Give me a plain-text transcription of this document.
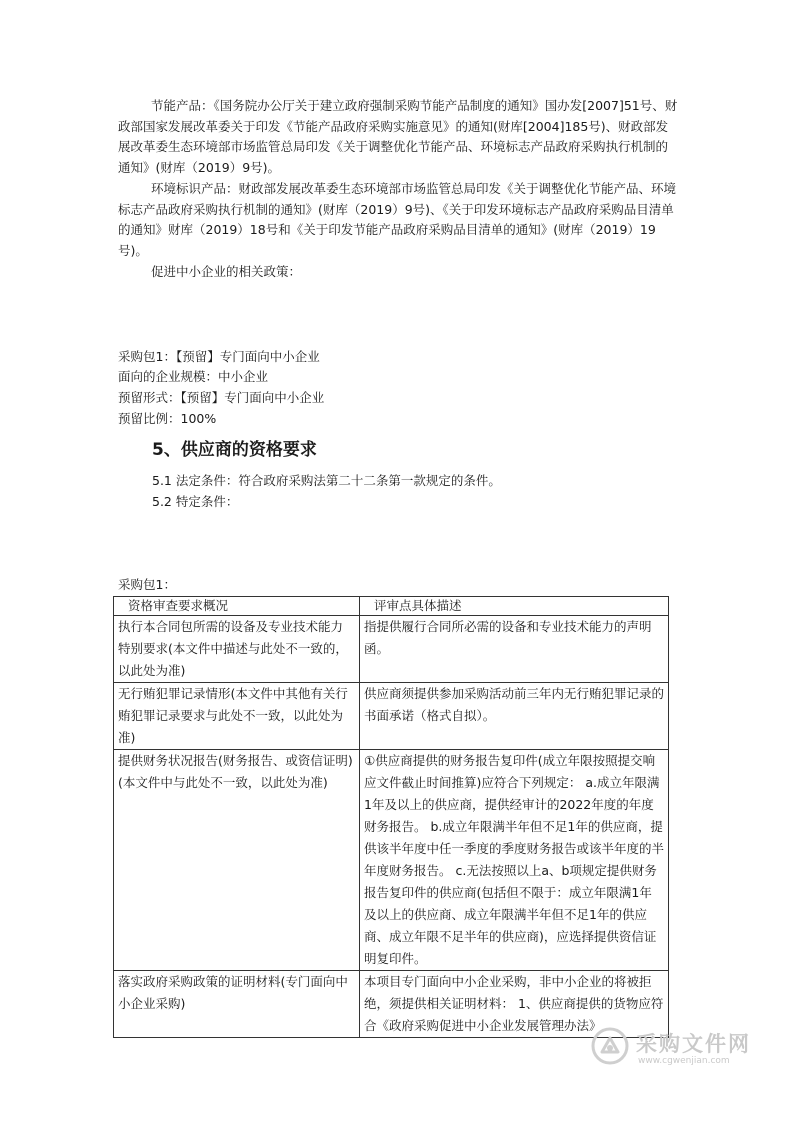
节能产品：《国务院办公厅关于建立政府强制采购节能产品制度的通知》国办发[2007]51号、财政部国家发展改革委关于印发《节能产品政府采购实施意见》的通知(财库[2004]185号)、财政部发展改革委生态环境部市场监管总局印发《关于调整优化节能产品、环境标志产品政府采购执行机制的通知》(财库（2019）9号)。

环境标识产品：财政部发展改革委生态环境部市场监管总局印发《关于调整优化节能产品、环境标志产品政府采购执行机制的通知》(财库（2019）9号)、《关于印发环境标志产品政府采购品目清单的通知》财库（2019）18号和《关于印发节能产品政府采购品目清单的通知》(财库（2019）19号)。

促进中小企业的相关政策：

采购包1：【预留】专门面向中小企业

面向的企业规模：中小企业

预留形式：【预留】专门面向中小企业

预留比例：100%

5、供应商的资格要求

5.1 法定条件：符合政府采购法第二十二条第一款规定的条件。

5.2 特定条件：

采购包1：

资格审查要求概况	评审点具体描述
执行本合同包所需的设备及专业技术能力特别要求(本文件中描述与此处不一致的，以此处为准)	指提供履行合同所必需的设备和专业技术能力的声明函。
无行贿犯罪记录情形(本文件中其他有关行贿犯罪记录要求与此处不一致，以此处为准)	供应商须提供参加采购活动前三年内无行贿犯罪记录的书面承诺（格式自拟）。
提供财务状况报告(财务报告、或资信证明)(本文件中与此处不一致，以此处为准)	①供应商提供的财务报告复印件(成立年限按照提交响应文件截止时间推算)应符合下列规定： a.成立年限满1年及以上的供应商，提供经审计的2022年度的年度财务报告。 b.成立年限满半年但不足1年的供应商，提供该半年度中任一季度的季度财务报告或该半年度的半年度财务报告。 c.无法按照以上a、b项规定提供财务报告复印件的供应商(包括但不限于：成立年限满1年及以上的供应商、成立年限满半年但不足1年的供应商、成立年限不足半年的供应商)，应选择提供资信证明复印件。
落实政府采购政策的证明材料(专门面向中小企业采购)	本项目专门面向中小企业采购，非中小企业的将被拒绝，须提供相关证明材料： 1、供应商提供的货物应符合《政府采购促进中小企业发展管理办法》
采购文件网
www.cgwenjian.com
